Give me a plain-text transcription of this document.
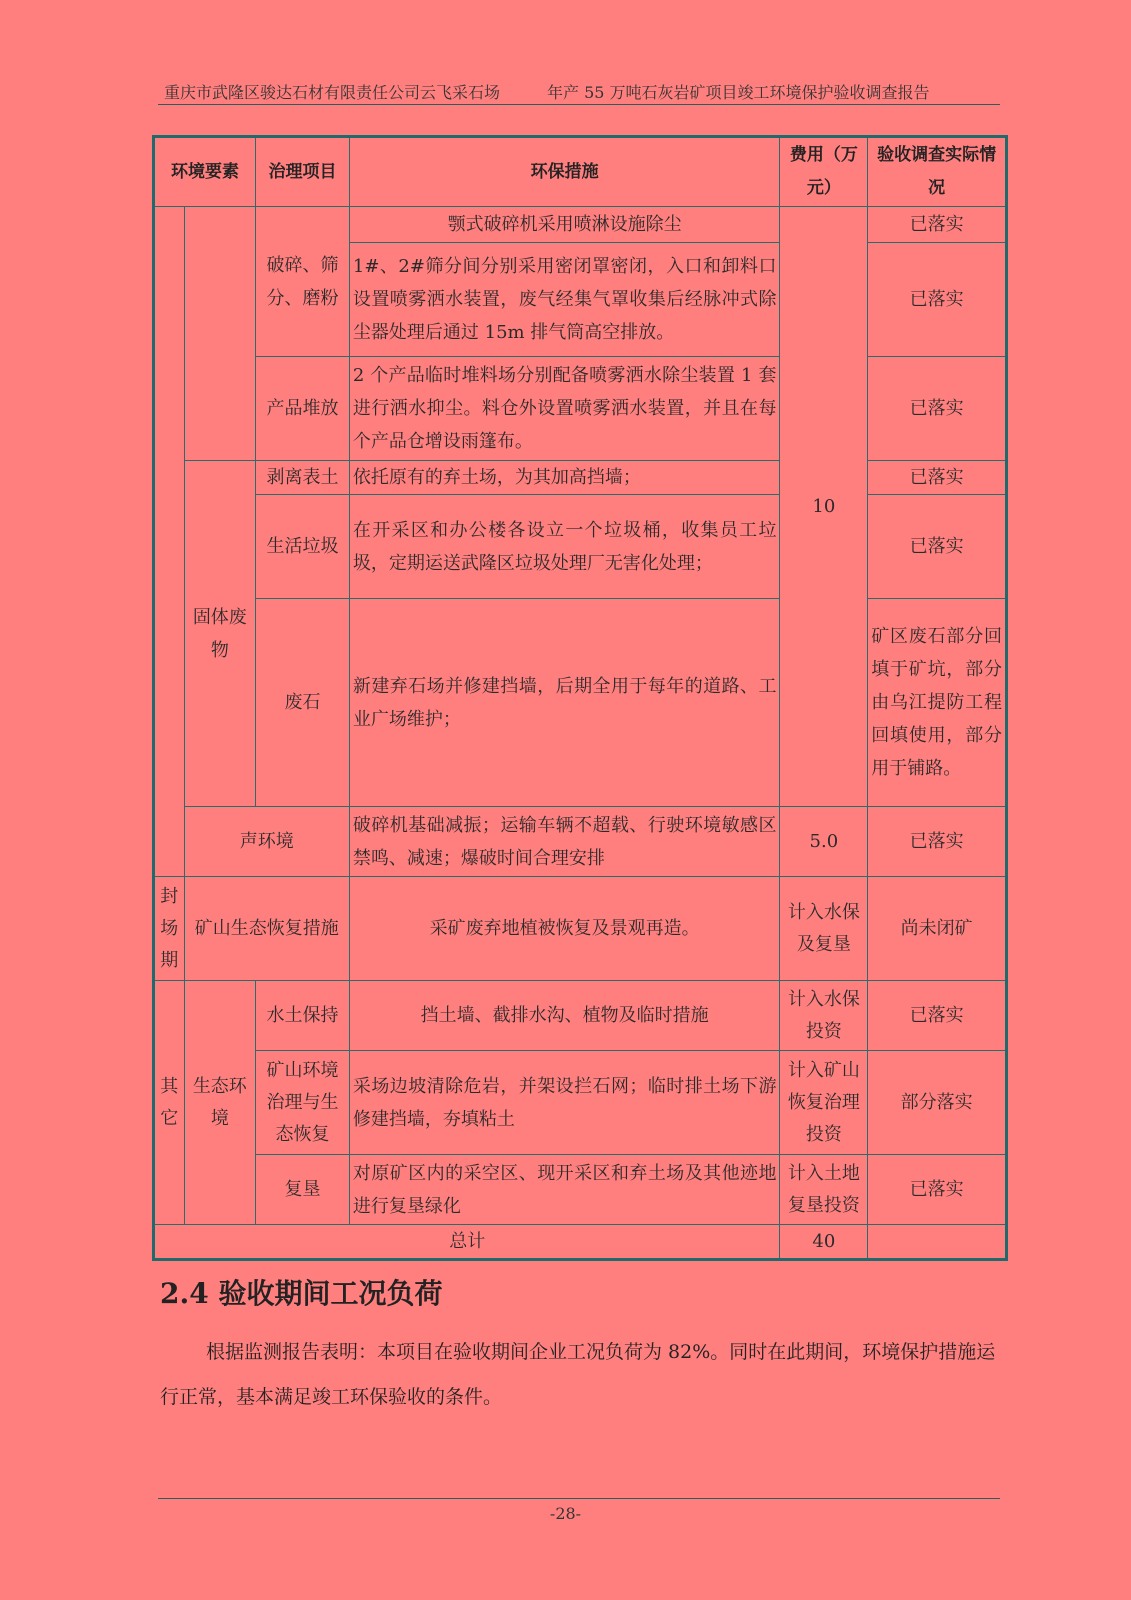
重庆市武隆区骏达石材有限责任公司云飞采石场	年产 55 万吨石灰岩矿项目竣工环境保护验收调查报告
环境要素		治理项目	环保措施	费用（万元）	验收调查实际情况
		破碎、筛分、磨粉	颚式破碎机采用喷淋设施除尘	10	已落实
			1#、2#筛分间分别采用密闭罩密闭，入口和卸料口设置喷雾洒水装置，废气经集气罩收集后经脉冲式除尘器处理后通过 15m 排气筒高空排放。		已落实
		产品堆放	2 个产品临时堆料场分别配备喷雾洒水除尘装置 1 套进行洒水抑尘。料仓外设置喷雾洒水装置，并且在每个产品仓增设雨篷布。		已落实
	固体废物	剥离表土	依托原有的弃土场，为其加高挡墙；		已落实
		生活垃圾	在开采区和办公楼各设立一个垃圾桶，收集员工垃圾，定期运送武隆区垃圾处理厂无害化处理；		已落实
		废石	新建弃石场并修建挡墙，后期全用于每年的道路、工业广场维护；		矿区废石部分回填于矿坑，部分由乌江提防工程回填使用，部分用于铺路。
	声环境		破碎机基础减振；运输车辆不超载、行驶环境敏感区禁鸣、减速；爆破时间合理安排	5.0	已落实

封场期	矿山生态恢复措施		采矿废弃地植被恢复及景观再造。	计入水保及复垦	尚未闭矿

其它	生态环境	水土保持	挡土墙、截排水沟、植物及临时措施	计入水保投资	已落实
		矿山环境治理与生态恢复	采场边坡清除危岩，并架设拦石网；临时排土场下游修建挡墙，夯填粘土	计入矿山恢复治理投资	部分落实
		复垦	对原矿区内的采空区、现开采区和弃土场及其他迹地进行复垦绿化	计入土地复垦投资	已落实
总计				40	
2.4 验收期间工况负荷
根据监测报告表明：本项目在验收期间企业工况负荷为 82%。同时在此期间，环境保护措施运行正常，基本满足竣工环保验收的条件。
-28-
